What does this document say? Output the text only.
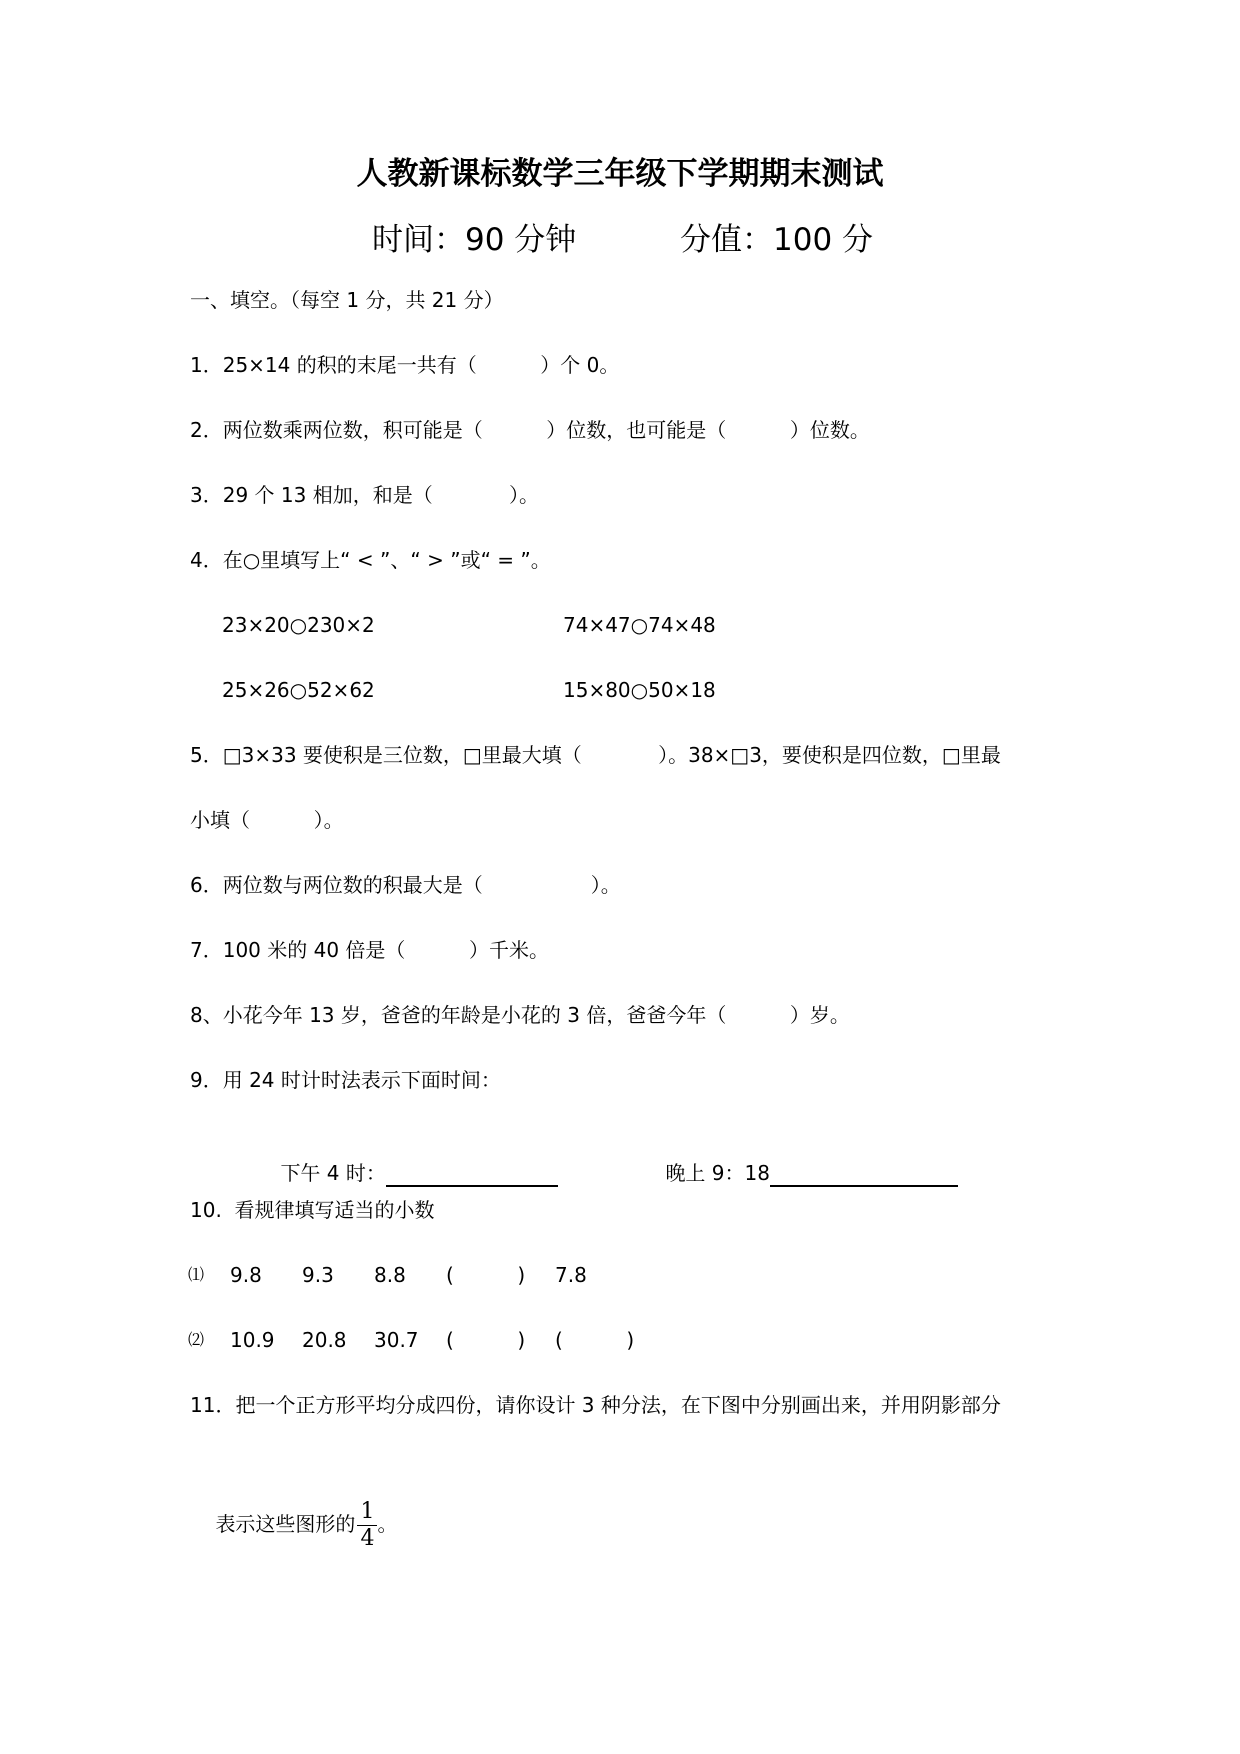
人教新课标数学三年级下学期期末测试
时间：90 分钟	分值：100 分
一、填空。（每空 1 分，共 21 分）
1．25×14 的积的末尾一共有（          ）个 0。
2．两位数乘两位数，积可能是（          ）位数，也可能是（          ）位数。
3．29 个 13 相加，和是（            ）。
4．在○里填写上“ < ”、“ > ”或“ = ”。
23×20○230×2	74×47○74×48
25×26○52×62	15×80○50×18
5．□3×33 要使积是三位数，□里最大填（            ）。38×□3，要使积是四位数，□里最
小填（          ）。
6．两位数与两位数的积最大是（                 ）。
7．100 米的 40 倍是（          ）千米。
8、小花今年 13 岁，爸爸的年龄是小花的 3 倍，爸爸今年（          ）岁。
9．用 24 时计时法表示下面时间：

下午 4 时：
	晚上 9：18

10.  看规律填写适当的小数
⑴ 9.8 9.3 8.8 (          ) 7.8
⑵ 10.9 20.8 30.7 (          ) (          )
11．把一个正方形平均分成四份，请你设计 3 种分法，在下图中分别画出来，并用阴影部分

表示这些图形的 $\frac{1}{4}$ 。
